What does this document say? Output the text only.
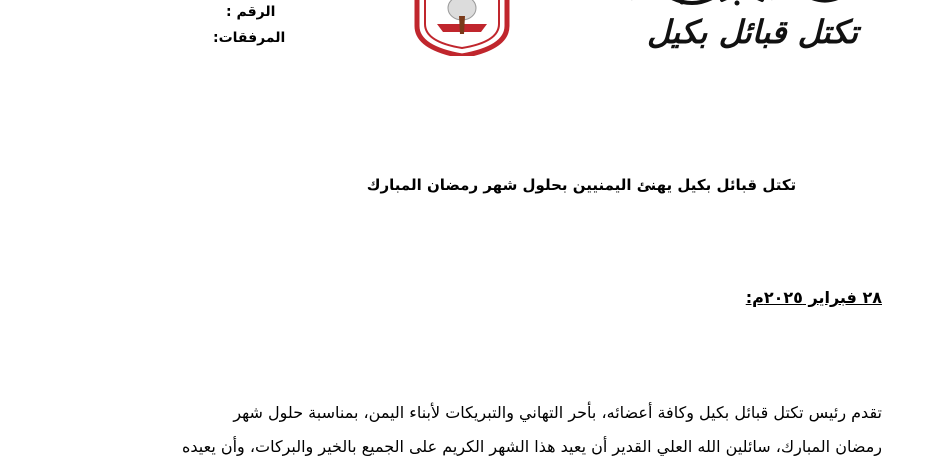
الرقم :
المرفقات:	تكتل قبائل بكيل
تكتل قبائل بكيل يهنئ اليمنيين بحلول شهر رمضان المبارك
٢٨ فبراير ٢٠٢٥م:
تقدم رئيس تكتل قبائل بكيل وكافة أعضائه، بأحر التهاني والتبريكات لأبناء اليمن، بمناسبة حلول شهر
رمضان المبارك، سائلين الله العلي القدير أن يعيد هذا الشهر الكريم على الجميع بالخير والبركات، وأن يعيده
